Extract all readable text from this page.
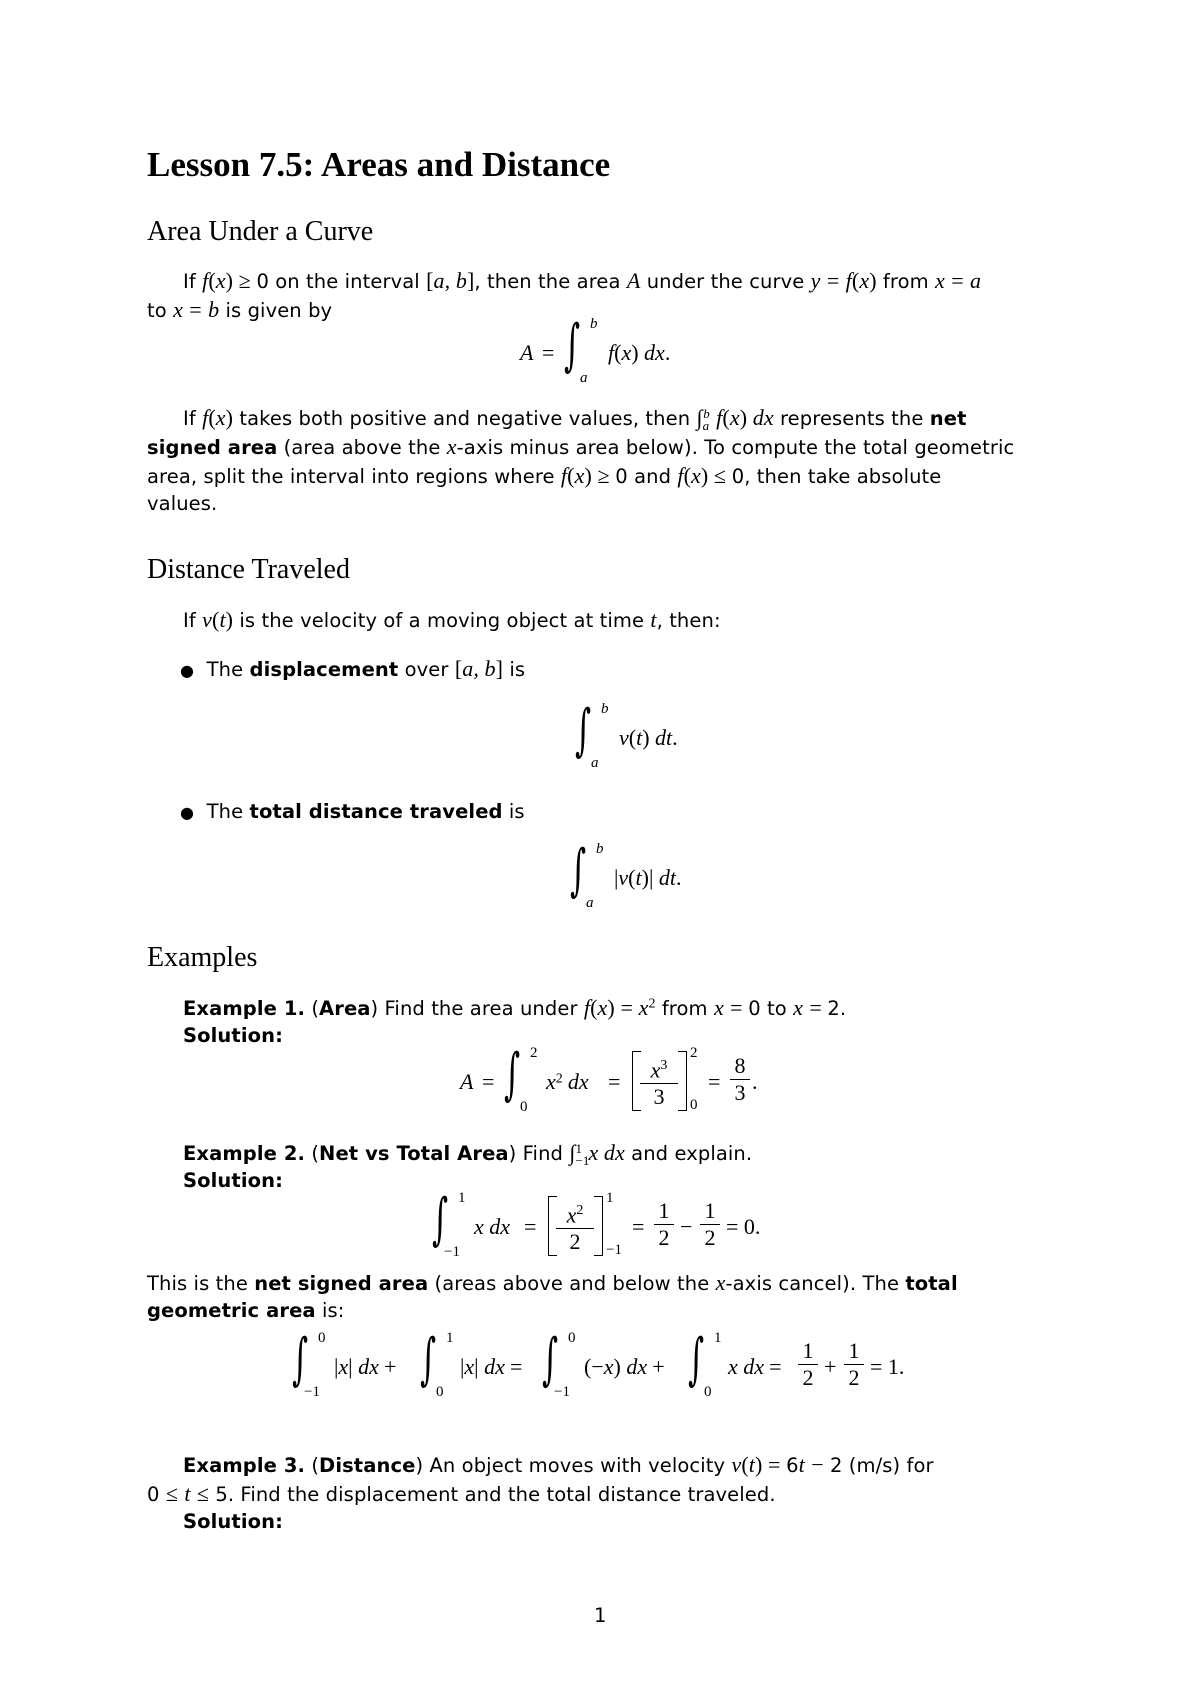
Lesson 7.5: Areas and Distance
Area Under a Curve
If f(x) ≥ 0 on the interval [a, b], then the area A under the curve y = f(x) from x = a
to x = b is given by
A = ∫ b
a
f(x) dx.
If f(x) takes both positive and negative values, then $\int_a^b$ f(x) dx represents the net
signed area (area above the x-axis minus area below). To compute the total geometric
area, split the interval into regions where f(x) ≥ 0 and f(x) ≤ 0, then take absolute
values.
Distance Traveled
If v(t) is the velocity of a moving object at time t, then:
●  The displacement over [a, b] is
∫ b
a
v(t) dt.
●  The total distance traveled is
∫ b
a
|v(t)| dt.
Examples
Example 1. (Area) Find the area under $f(x) = x^2$ from x = 0 to x = 2.
Solution:
A = ∫ 2
0
$x^2$ dx = $\frac{x^3}{3} 2$
0
= $\frac{8}{3}$ .
Example 2. (Net vs Total Area) Find $\int_{-1}^1$ x dx and explain.
Solution:
∫ 1
−1
x dx = $\frac{x^2}{2} 1$
−1
= $\frac{1}{2} - \frac{1}{2} = 0$.
This is the net signed area (areas above and below the x-axis cancel). The total
geometric area is:
∫ 0
−1
|x| dx + ∫ 1
0
|x| dx = ∫ 0
−1
(−x) dx + ∫ 1
0
x dx = $\frac{1}{2} + \frac{1}{2} = 1$.
Example 3. (Distance) An object moves with velocity v(t) = 6t − 2 (m/s) for
0 ≤ t ≤ 5. Find the displacement and the total distance traveled.
Solution:
1
